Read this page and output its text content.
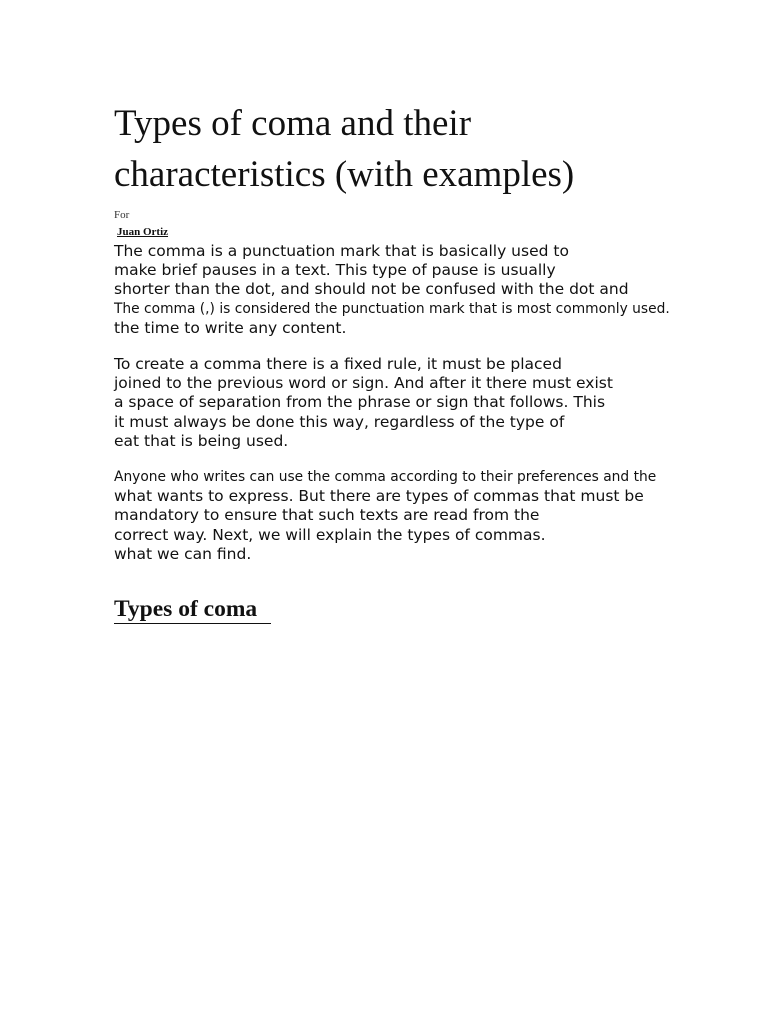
Types of coma and their
characteristics (with examples)
For
Juan Ortiz

The comma is a punctuation mark that is basically used to
make brief pauses in a text. This type of pause is usually
shorter than the dot, and should not be confused with the dot and
The comma (,) is considered the punctuation mark that is most commonly used.
the time to write any content.

To create a comma there is a fixed rule, it must be placed
joined to the previous word or sign. And after it there must exist
a space of separation from the phrase or sign that follows. This
it must always be done this way, regardless of the type of
eat that is being used.

Anyone who writes can use the comma according to their preferences and the
what wants to express. But there are types of commas that must be
mandatory to ensure that such texts are read from the
correct way. Next, we will explain the types of commas.
what we can find.

Types of coma
